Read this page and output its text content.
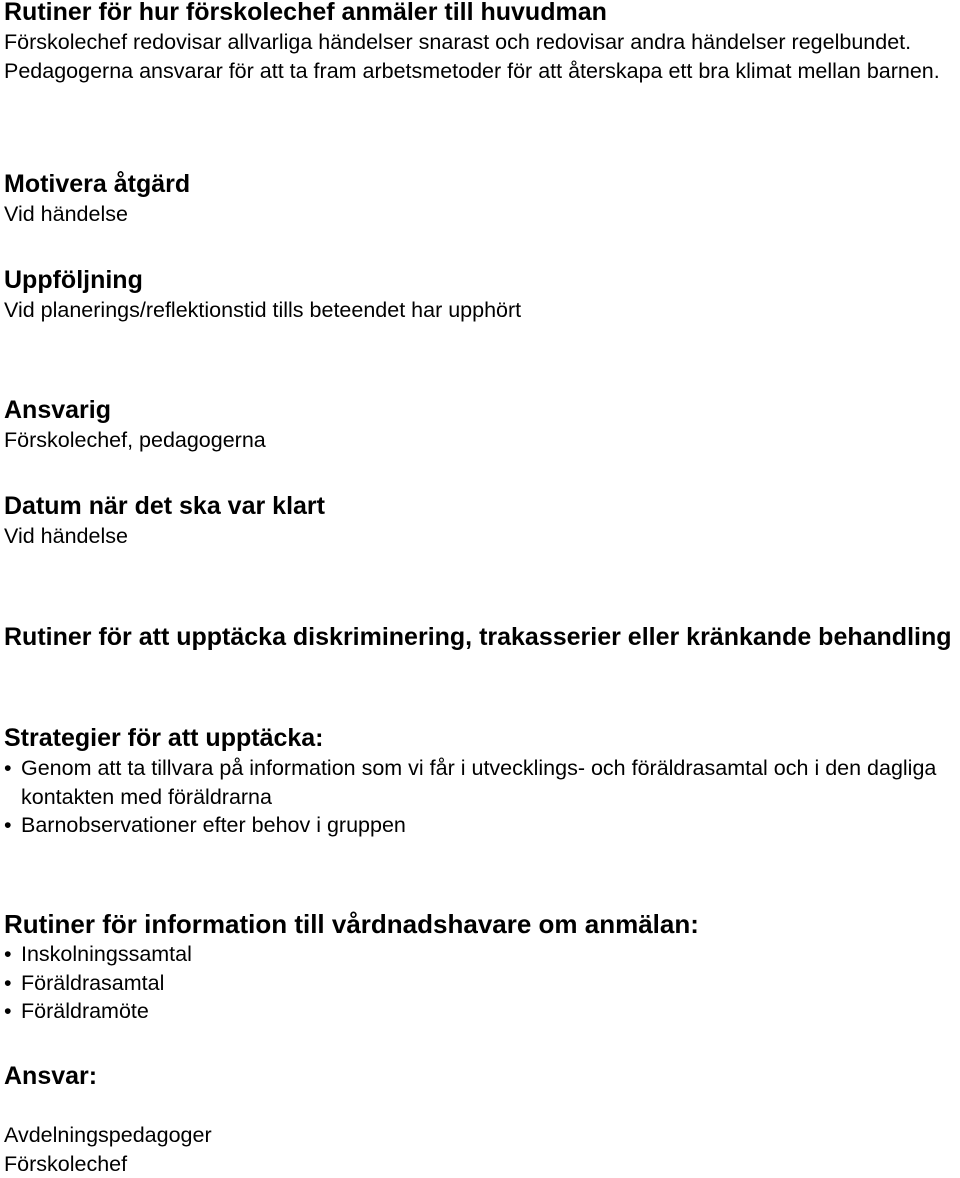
Rutiner för hur förskolechef anmäler till huvudman

Förskolechef redovisar allvarliga händelser snarast och redovisar andra händelser regelbundet.

Pedagogerna ansvarar för att ta fram arbetsmetoder för att återskapa ett bra klimat mellan barnen.

Motivera åtgärd

Vid händelse

Uppföljning

Vid planerings/reflektionstid tills beteendet har upphört

Ansvarig

Förskolechef, pedagogerna

Datum när det ska var klart

Vid händelse

Rutiner för att upptäcka diskriminering, trakasserier eller kränkande behandling
Strategier för att upptäcka:
• Genom att ta tillvara på information som vi får i utvecklings- och föräldrasamtal och i den dagliga kontakten med föräldrarna
• Barnobservationer efter behov i gruppen
Rutiner för information till vårdnadshavare om anmälan:
• Inskolningssamtal
• Föräldrasamtal
• Föräldramöte
Ansvar:

Avdelningspedagoger

Förskolechef
